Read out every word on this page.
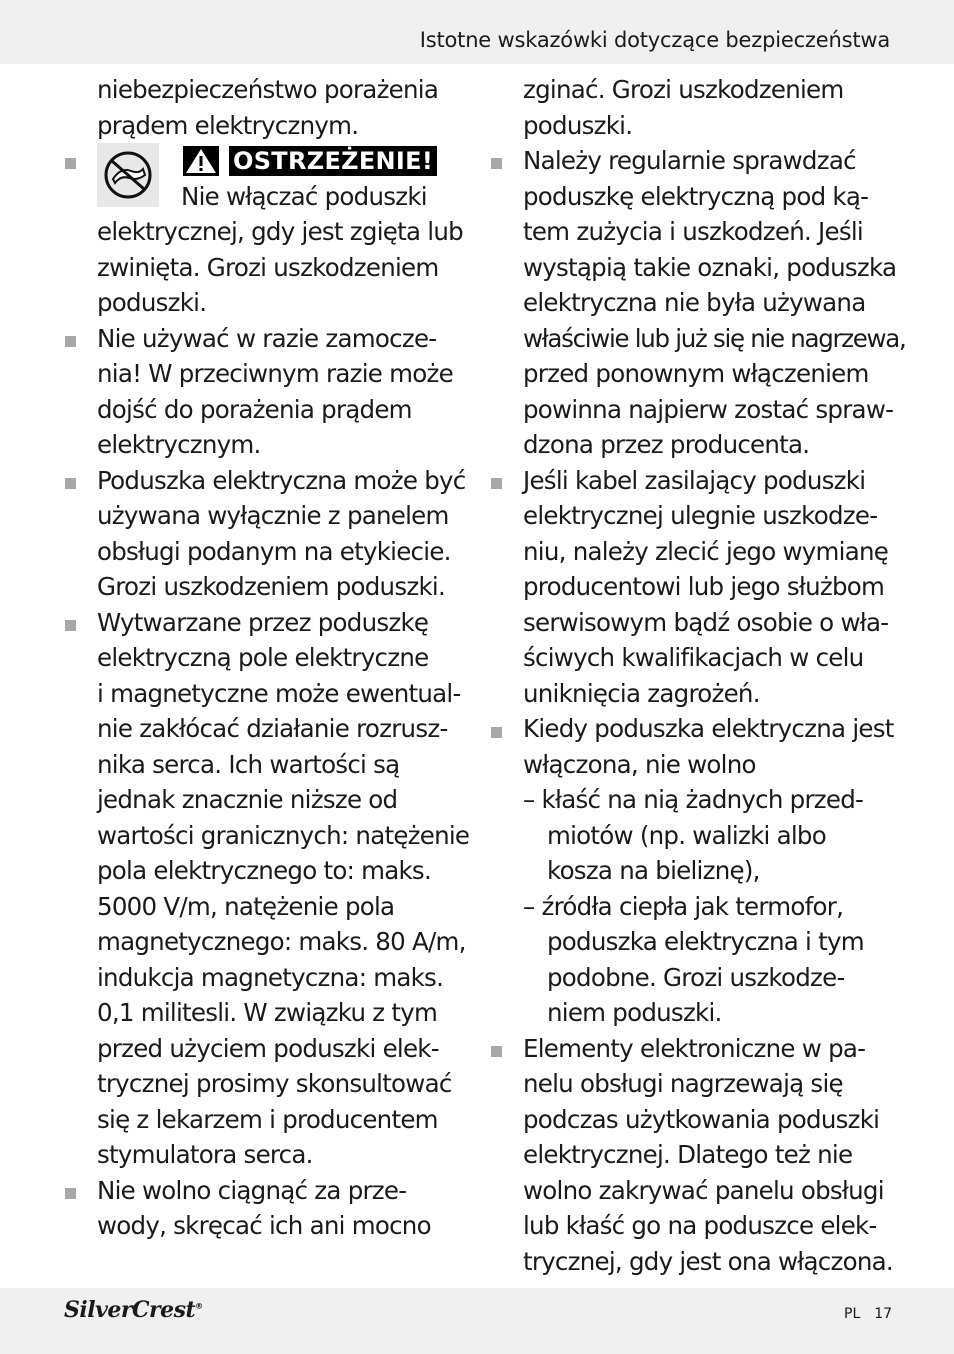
Istotne wskazówki dotyczące bezpieczeństwa
niebezpieczeństwo porażenia
prądem elektrycznym.
OSTRZEŻENIE!
Nie włączać poduszki
elektrycznej, gdy jest zgięta lub
zwinięta. Grozi uszkodzeniem
poduszki.
Nie używać w razie zamocze-
nia! W przeciwnym razie może
dojść do porażenia prądem
elektrycznym.
Poduszka elektryczna może być
używana wyłącznie z panelem
obsługi podanym na etykiecie.
Grozi uszkodzeniem poduszki.
Wytwarzane przez poduszkę
elektryczną pole elektryczne
i magnetyczne może ewentual-
nie zakłócać działanie rozrusz-
nika serca. Ich wartości są
jednak znacznie niższe od
wartości granicznych: natężenie
pola elektrycznego to: maks.
5000 V/m, natężenie pola
magnetycznego: maks. 80 A/m,
indukcja magnetyczna: maks.
0,1 militesli. W związku z tym
przed użyciem poduszki elek-
trycznej prosimy skonsultować
się z lekarzem i producentem
stymulatora serca.
Nie wolno ciągnąć za prze-
wody, skręcać ich ani mocno
zginać. Grozi uszkodzeniem
poduszki.
Należy regularnie sprawdzać
poduszkę elektryczną pod ką-
tem zużycia i uszkodzeń. Jeśli
wystąpią takie oznaki, poduszka
elektryczna nie była używana
właściwie lub już się nie nagrzewa,
przed ponownym włączeniem
powinna najpierw zostać spraw-
dzona przez producenta.
Jeśli kabel zasilający poduszki
elektrycznej ulegnie uszkodze-
niu, należy zlecić jego wymianę
producentowi lub jego służbom
serwisowym bądź osobie o wła-
ściwych kwalifikacjach w celu
uniknięcia zagrożeń.
Kiedy poduszka elektryczna jest
włączona, nie wolno
– kłaść na nią żadnych przed-
miotów (np. walizki albo
kosza na bieliznę),
– źródła ciepła jak termofor,
poduszka elektryczna i tym
podobne. Grozi uszkodze-
niem poduszki.
Elementy elektroniczne w pa-
nelu obsługi nagrzewają się
podczas użytkowania poduszki
elektrycznej. Dlatego też nie
wolno zakrywać panelu obsługi
lub kłaść go na poduszce elek-
trycznej, gdy jest ona włączona.
SilverCrest®	PL 17
